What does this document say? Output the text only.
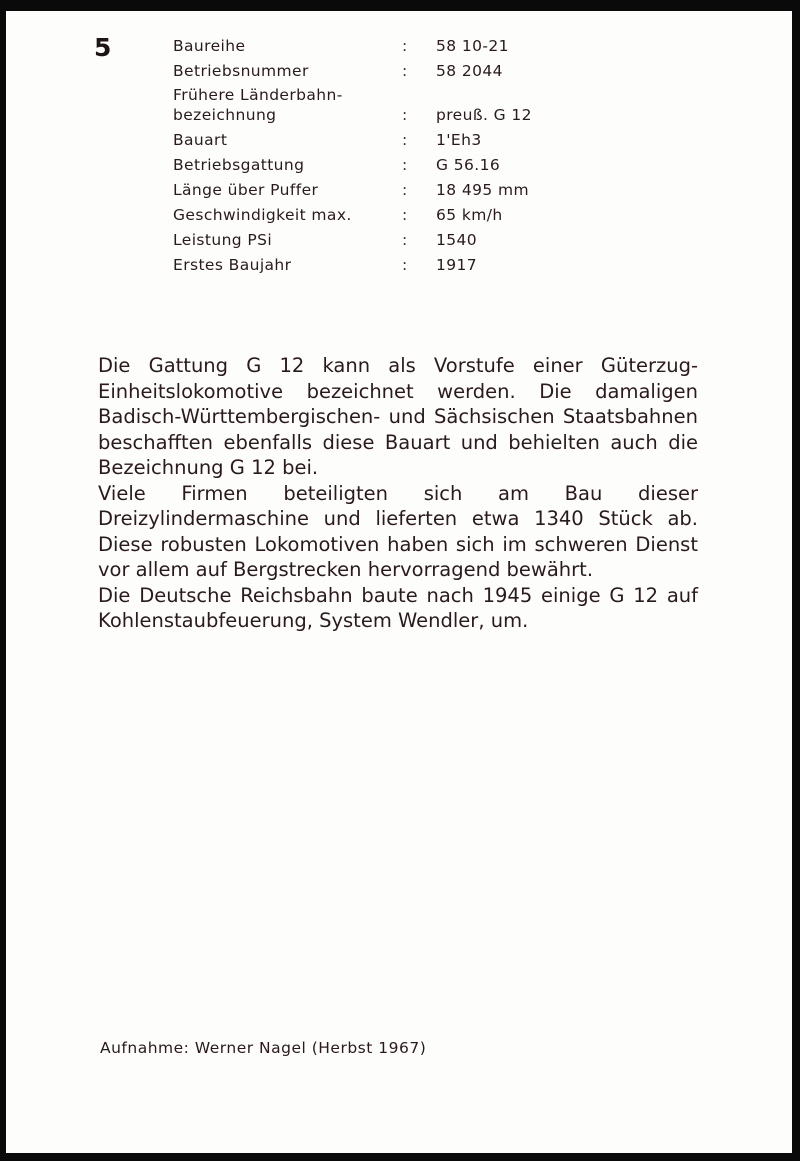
5	Baureihe	: 58 10-21
Betriebsnummer	: 58 2044
Frühere Länderbahn-
bezeichnung	: preuß. G 12
Bauart	: 1'Eh3
Betriebsgattung	: G 56.16
Länge über Puffer	: 18 495 mm
Geschwindigkeit max.	: 65 km/h
Leistung PSi	: 1540
Erstes Baujahr	: 1917

Die Gattung G 12 kann als Vorstufe einer Güterzug-Einheitslokomotive bezeichnet werden. Die damaligen Badisch-Württembergischen- und Sächsischen Staatsbahnen beschafften ebenfalls diese Bauart und behielten auch die Bezeichnung G 12 bei.

Viele Firmen beteiligten sich am Bau dieser Dreizylindermaschine und lieferten etwa 1340 Stück ab. Diese robusten Lokomotiven haben sich im schweren Dienst vor allem auf Bergstrecken hervorragend bewährt.

Die Deutsche Reichsbahn baute nach 1945 einige G 12 auf Kohlenstaubfeuerung, System Wendler, um.

Aufnahme: Werner Nagel (Herbst 1967)
